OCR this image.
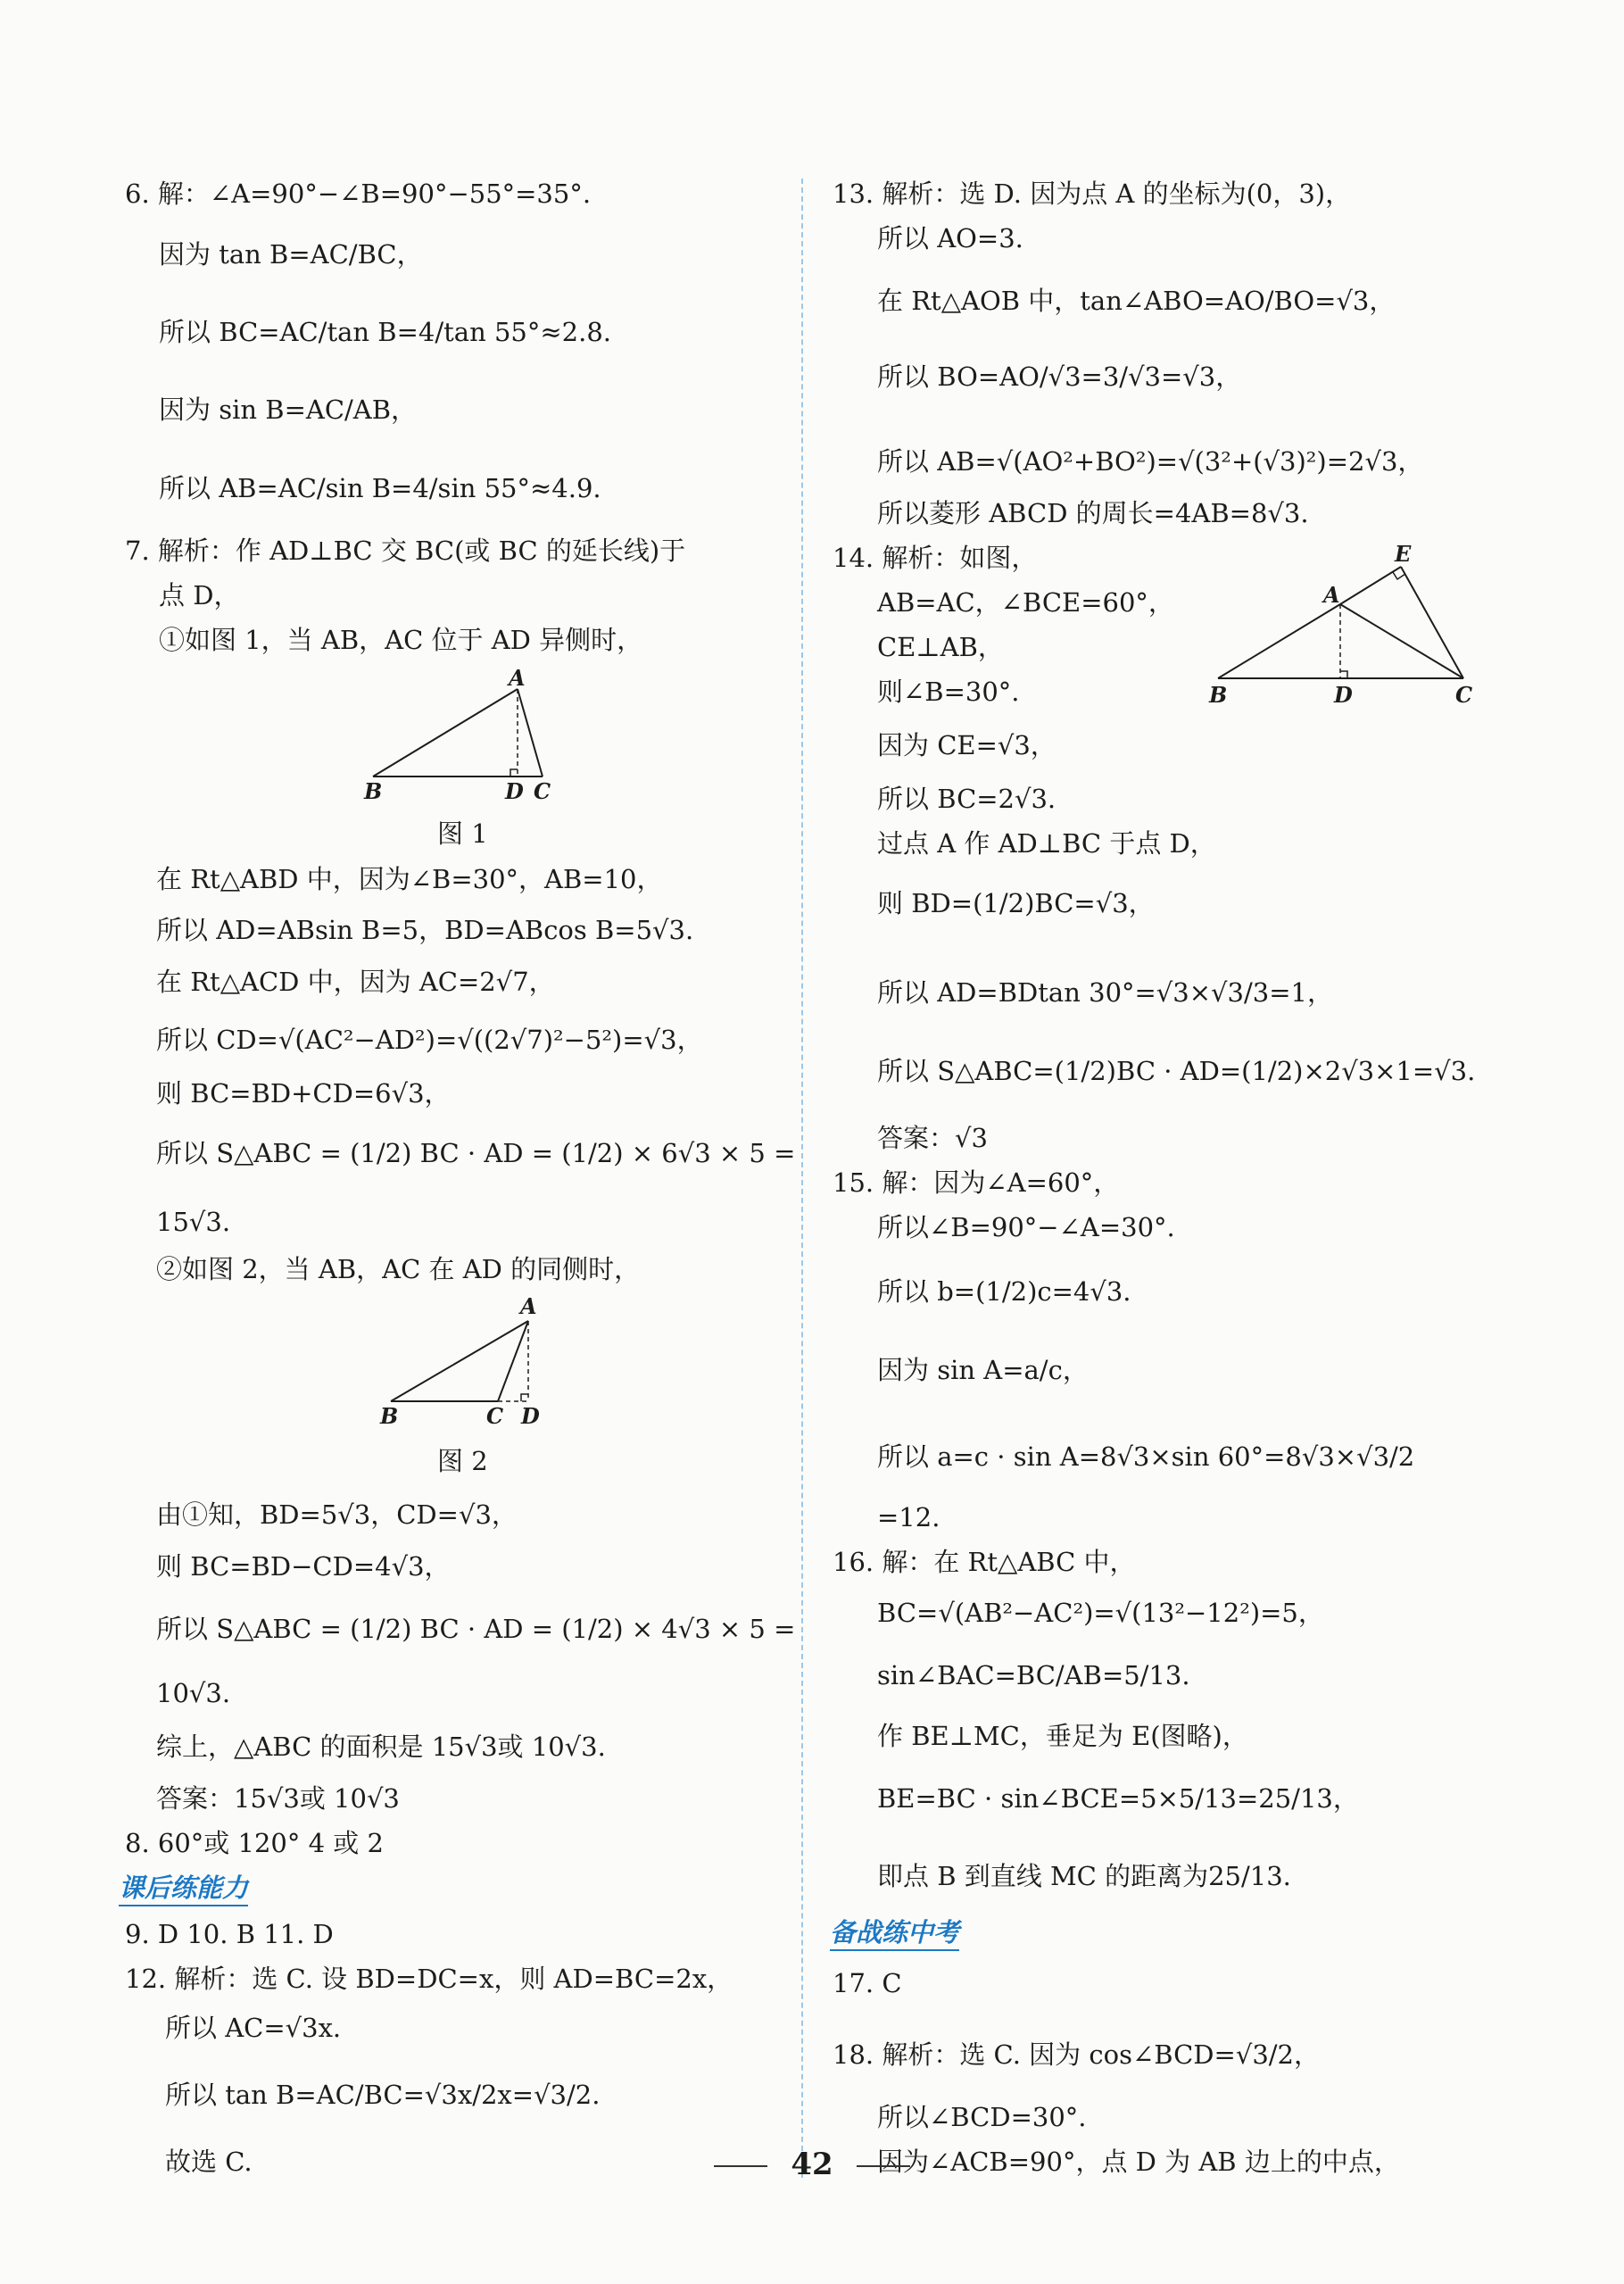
6. 解：∠A=90°−∠B=90°−55°=35°.
因为 tan B=AC/BC，
所以 BC=AC/tan B=4/tan 55°≈2.8.
因为 sin B=AC/AB，
所以 AB=AC/sin B=4/sin 55°≈4.9.
7. 解析：作 AD⊥BC 交 BC(或 BC 的延长线)于
点 D，
①如图 1，当 AB，AC 位于 AD 异侧时，
在 Rt△ABD 中，因为∠B=30°，AB=10，
所以 AD=ABsin B=5，BD=ABcos B=5√3.
在 Rt△ACD 中，因为 AC=2√7，
所以 CD=√(AC²−AD²)=√((2√7)²−5²)=√3，
则 BC=BD+CD=6√3，
所以 S△ABC = (1/2) BC · AD = (1/2) × 6√3 × 5 =
15√3.
②如图 2，当 AB，AC 在 AD 的同侧时，
由①知，BD=5√3，CD=√3，
则 BC=BD−CD=4√3，
所以 S△ABC = (1/2) BC · AD = (1/2) × 4√3 × 5 =
10√3.
综上，△ABC 的面积是 15√3或 10√3.
答案：15√3或 10√3
8. 60°或 120° 4 或 2
9. D 10. B 11. D
12. 解析：选 C. 设 BD=DC=x，则 AD=BC=2x，
所以 AC=√3x.
所以 tan B=AC/BC=√3x/2x=√3/2.
故选 C.
课后练能力
13. 解析：选 D. 因为点 A 的坐标为(0，3)，
所以 AO=3.
在 Rt△AOB 中，tan∠ABO=AO/BO=√3，
所以 BO=AO/√3=3/√3=√3，
所以 AB=√(AO²+BO²)=√(3²+(√3)²)=2√3，
所以菱形 ABCD 的周长=4AB=8√3.
14. 解析：如图，
AB=AC，∠BCE=60°，
CE⊥AB，
则∠B=30°.
因为 CE=√3，
所以 BC=2√3.
过点 A 作 AD⊥BC 于点 D，
则 BD=(1/2)BC=√3，
所以 AD=BDtan 30°=√3×√3/3=1，
所以 S△ABC=(1/2)BC · AD=(1/2)×2√3×1=√3.
答案：√3
15. 解：因为∠A=60°，
所以∠B=90°−∠A=30°.
所以 b=(1/2)c=4√3.
因为 sin A=a/c，
所以 a=c · sin A=8√3×sin 60°=8√3×√3/2
=12.
16. 解：在 Rt△ABC 中，
BC=√(AB²−AC²)=√(13²−12²)=5，
sin∠BAC=BC/AB=5/13.
作 BE⊥MC，垂足为 E(图略)，
BE=BC · sin∠BCE=5×5/13=25/13，
即点 B 到直线 MC 的距离为25/13.
17. C
18. 解析：选 C. 因为 cos∠BCD=√3/2，
所以∠BCD=30°.
因为∠ACB=90°，点 D 为 AB 边上的中点，
备战练中考
A
B	D C
图 1
A
B	C D
图 2
E
A
B	D	C
42
